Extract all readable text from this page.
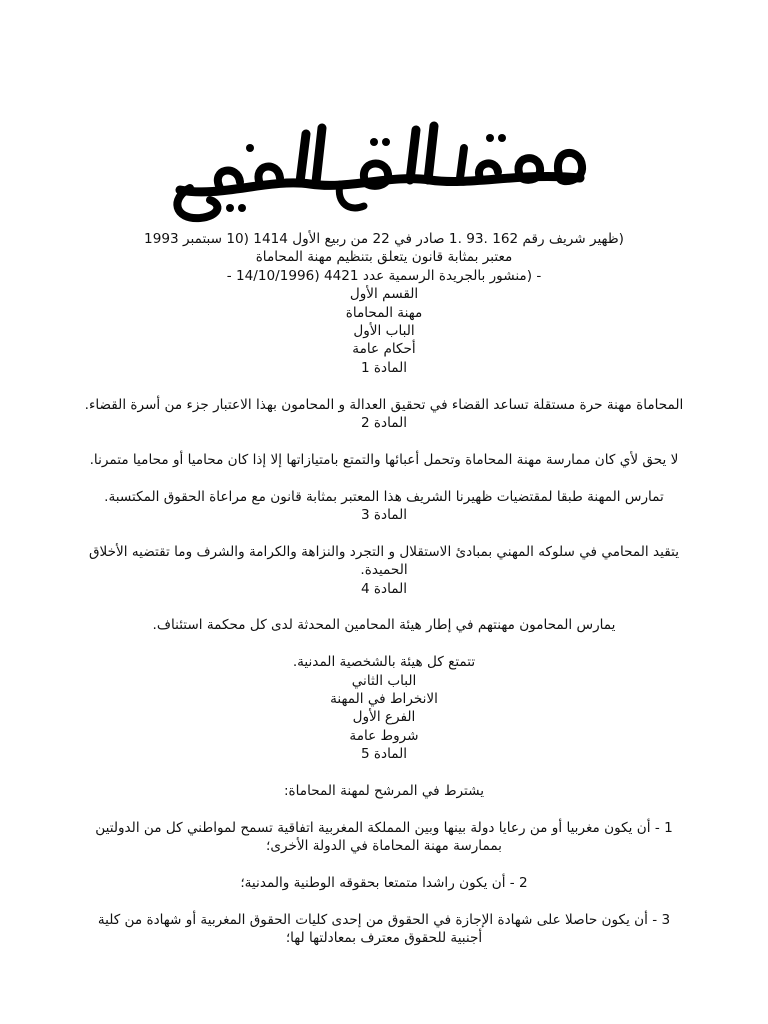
(ظهير شريف رقم 162 .93 .1 صادر في 22 من ربيع الأول 1414 (10 سبتمبر 1993
معتبر بمثابة قانون يتعلق بتنظيم مهنة المحاماة
- (منشور بالجريدة الرسمية عدد 4421 (14/10/1996 -
القسم الأول
مهنة المحاماة
الباب الأول
أحكام عامة
المادة 1
المحاماة مهنة حرة مستقلة تساعد القضاء في تحقيق العدالة و المحامون بهذا الاعتبار جزء من أسرة القضاء.
المادة 2
لا يحق لأي كان ممارسة مهنة المحاماة وتحمل أعبائها والتمتع بامتيازاتها إلا إذا كان محاميا أو محاميا متمرنا.
تمارس المهنة طبقا لمقتضيات ظهيرنا الشريف هذا المعتبر بمثابة قانون مع مراعاة الحقوق المكتسبة.
المادة 3
يتقيد المحامي في سلوكه المهني بمبادئ الاستقلال و التجرد والنزاهة والكرامة والشرف وما تقتضيه الأخلاق الحميدة.
المادة 4
يمارس المحامون مهنتهم في إطار هيئة المحامين المحدثة لدى كل محكمة استئناف.
تتمتع كل هيئة بالشخصية المدنية.
الباب الثاني
الانخراط في المهنة
الفرع الأول
شروط عامة
المادة 5
يشترط في المرشح لمهنة المحاماة:
1 - أن يكون مغربيا أو من رعايا دولة بينها وبين المملكة المغربية اتفاقية تسمح لمواطني كل من الدولتين بممارسة مهنة المحاماة في الدولة الأخرى؛
2 - أن يكون راشدا متمتعا بحقوقه الوطنية والمدنية؛
3 - أن يكون حاصلا على شهادة الإجازة في الحقوق من إحدى كليات الحقوق المغربية أو شهادة من كلية أجنبية للحقوق معترف بمعادلتها لها؛
